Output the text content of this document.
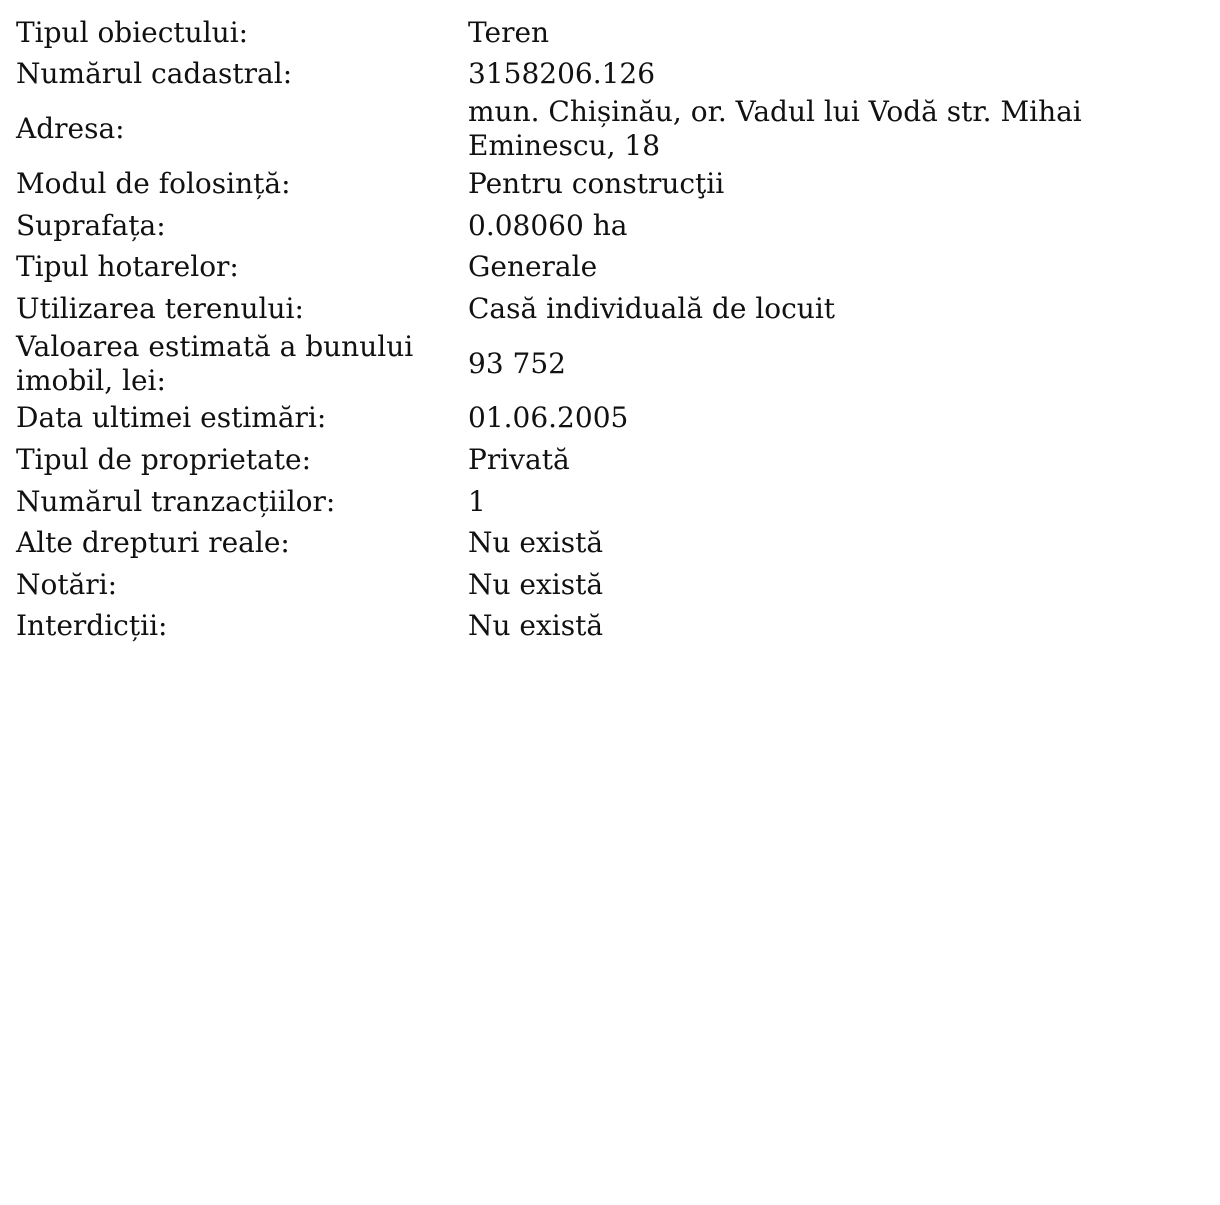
Tipul obiectului:	Teren

Numărul cadastral:	3158206.126

Adresa:	mun. Chișinău, or. Vadul lui Vodă str. Mihai Eminescu, 18

Modul de folosință:	Pentru construcţii

Suprafața:	0.08060 ha

Tipul hotarelor:	Generale

Utilizarea terenului:	Casă individuală de locuit

Valoarea estimată a bunului imobil, lei:	93 752

Data ultimei estimări:	01.06.2005

Tipul de proprietate:	Privată

Numărul tranzacțiilor:	1

Alte drepturi reale:	Nu există

Notări:	Nu există

Interdicții:	Nu există
